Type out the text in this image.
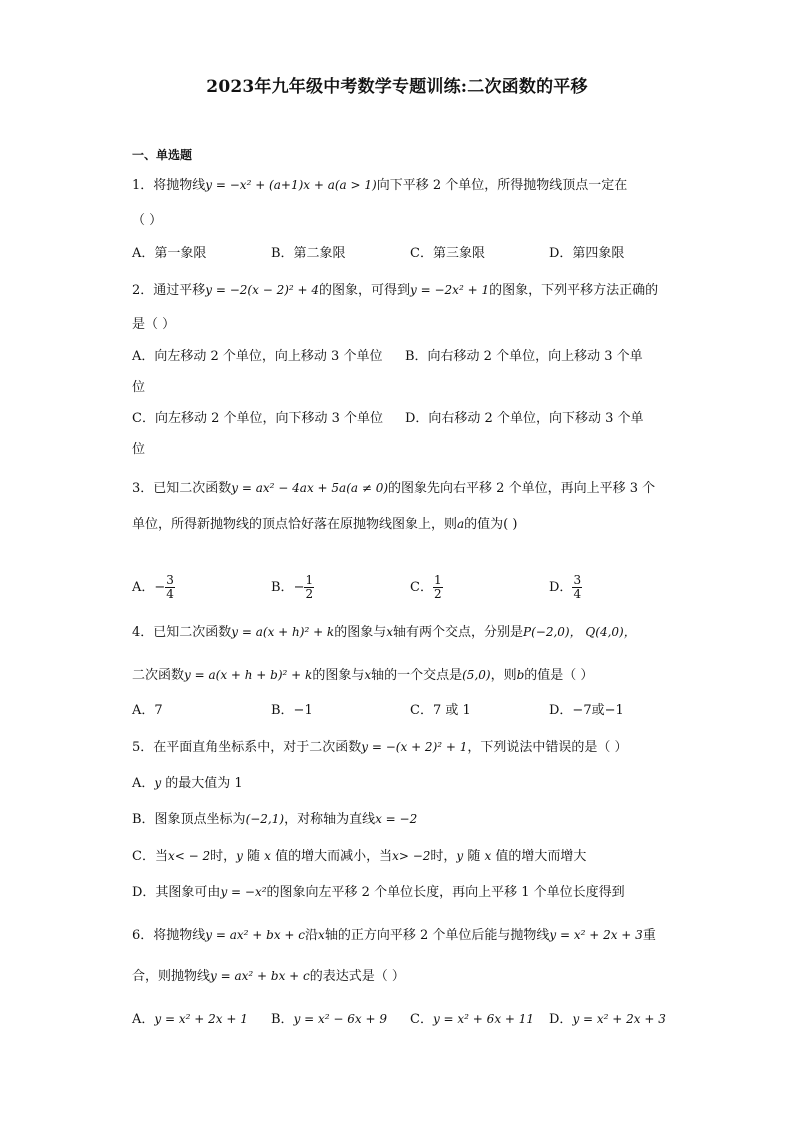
2023年九年级中考数学专题训练:二次函数的平移
一、单选题
1．将抛物线y = −x² + (a+1)x + a(a > 1)向下平移 2 个单位，所得抛物线顶点一定在
（ ）
A．第一象限	B．第二象限	C．第三象限	D．第四象限
2．通过平移y = −2(x − 2)² + 4的图象，可得到y = −2x² + 1的图象，下列平移方法正确的
是（ ）
A．向左移动 2 个单位，向上移动 3 个单位 B．向右移动 2 个单位，向上移动 3 个单
位
C．向左移动 2 个单位，向下移动 3 个单位 D．向右移动 2 个单位，向下移动 3 个单
位
3．已知二次函数y = ax² − 4ax + 5a(a ≠ 0)的图象先向右平移 2 个单位，再向上平移 3 个
单位，所得新抛物线的顶点恰好落在原抛物线图象上，则a的值为( )
A．− $\frac{3}{4}$	B．− $\frac{1}{2}$	C． $\frac{1}{2}$	D． $\frac{3}{4}$
4．已知二次函数y = a(x + h)² + k的图象与x轴有两个交点，分别是P(−2,0)， Q(4,0)，
二次函数y = a(x + h + b)² + k的图象与x轴的一个交点是(5,0)，则b的值是（ ）
A．7	B．−1	C．7 或 1	D．−7或−1
5．在平面直角坐标系中，对于二次函数y = −(x + 2)² + 1，下列说法中错误的是（ ）
A．y 的最大值为 1
B．图象顶点坐标为(−2,1)，对称轴为直线x = −2
C．当x< − 2时，y 随 x 值的增大而减小，当x> −2时，y 随 x 值的增大而增大
D．其图象可由y = −x²的图象向左平移 2 个单位长度，再向上平移 1 个单位长度得到
6．将抛物线y = ax² + bx + c沿x轴的正方向平移 2 个单位后能与抛物线y = x² + 2x + 3重
合，则抛物线y = ax² + bx + c的表达式是（ ）
A．y = x² + 2x + 1 B．y = x² − 6x + 9 C．y = x² + 6x + 11 D．y = x² + 2x + 3
